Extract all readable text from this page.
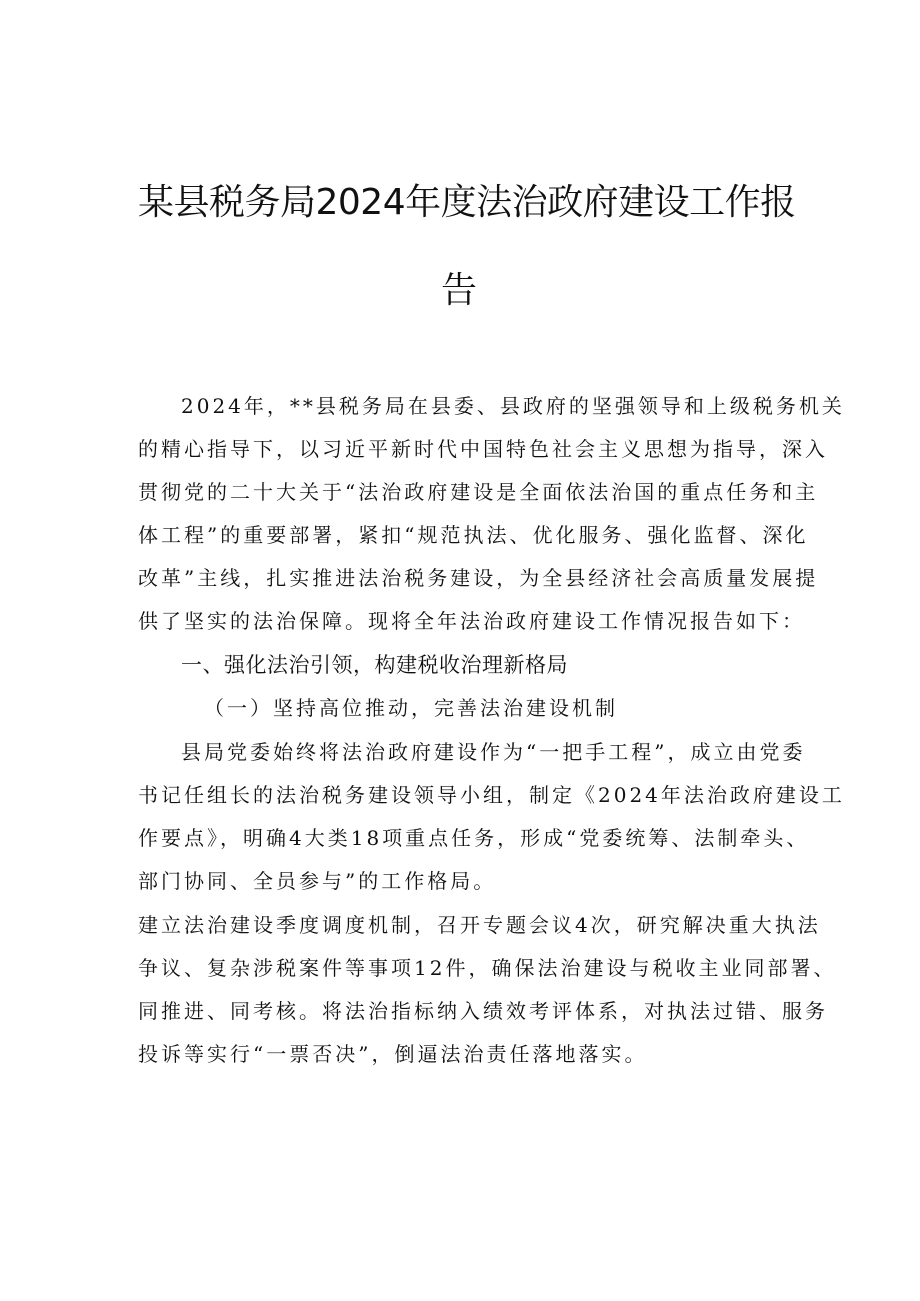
某县税务局2024年度法治政府建设工作报
告
2024年，**县税务局在县委、县政府的坚强领导和上级税务机关
的精心指导下，以习近平新时代中国特色社会主义思想为指导，深入
贯彻党的二十大关于“法治政府建设是全面依法治国的重点任务和主
体工程”的重要部署，紧扣“规范执法、优化服务、强化监督、深化
改革”主线，扎实推进法治税务建设，为全县经济社会高质量发展提
供了坚实的法治保障。现将全年法治政府建设工作情况报告如下：
一、强化法治引领，构建税收治理新格局
（一）坚持高位推动，完善法治建设机制
县局党委始终将法治政府建设作为“一把手工程”，成立由党委
书记任组长的法治税务建设领导小组，制定《2024年法治政府建设工
作要点》，明确4大类18项重点任务，形成“党委统筹、法制牵头、
部门协同、全员参与”的工作格局。
建立法治建设季度调度机制，召开专题会议4次，研究解决重大执法
争议、复杂涉税案件等事项12件，确保法治建设与税收主业同部署、
同推进、同考核。将法治指标纳入绩效考评体系，对执法过错、服务
投诉等实行“一票否决”，倒逼法治责任落地落实。
